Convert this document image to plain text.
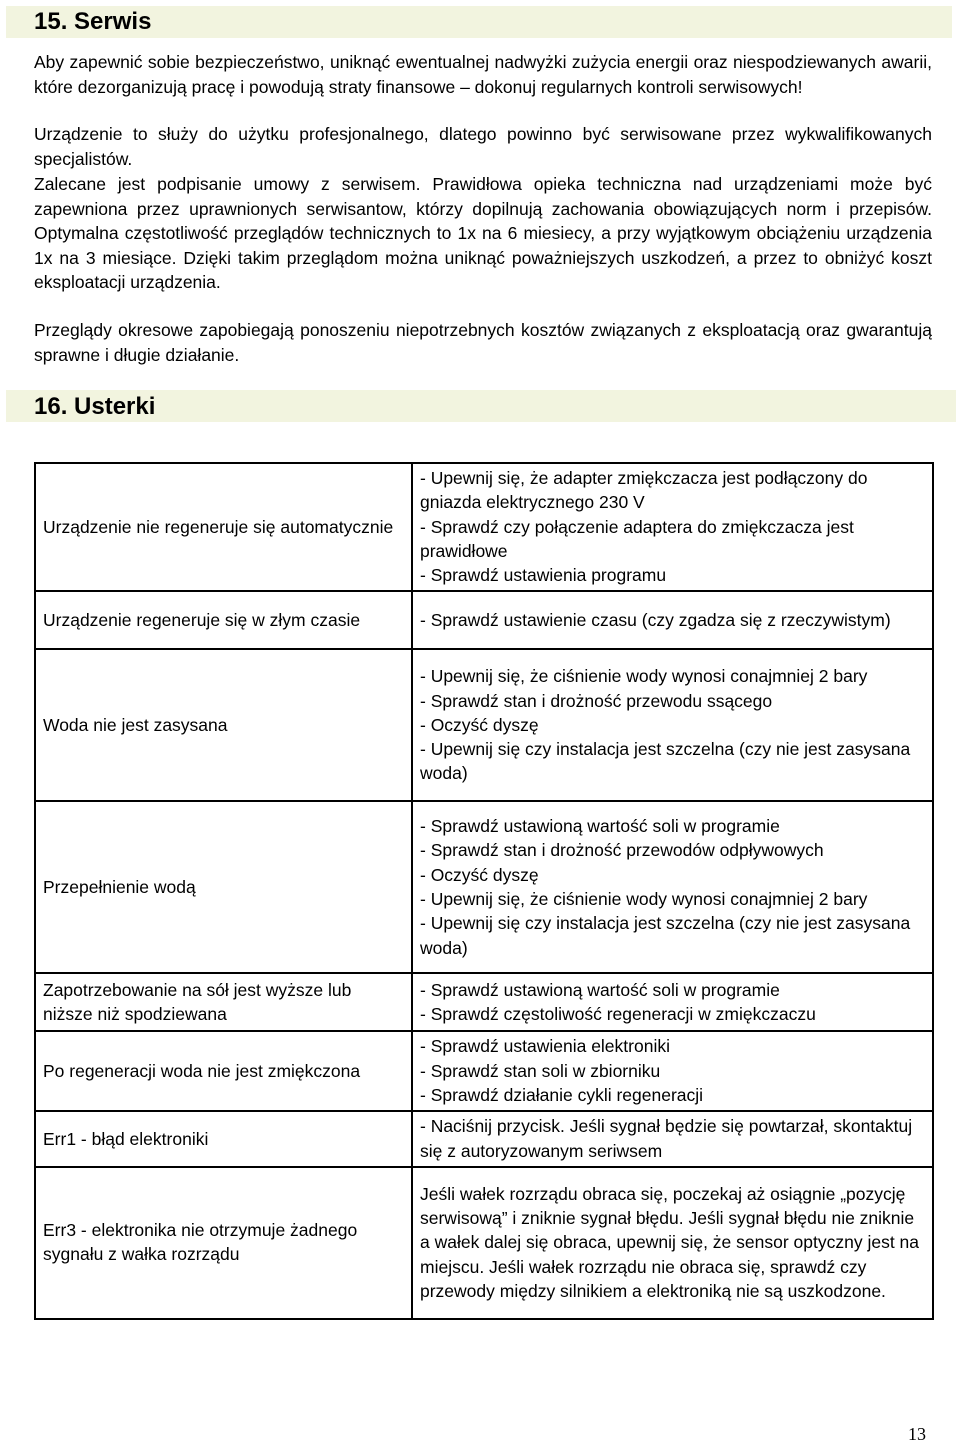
15. Serwis

Aby zapewnić sobie bezpieczeństwo, uniknąć ewentualnej nadwyżki zużycia energii oraz niespodziewanych awarii, które dezorganizują pracę i powodują straty finansowe – dokonuj regularnych kontroli serwisowych!

Urządzenie to służy do użytku profesjonalnego, dlatego powinno być serwisowane przez wykwalifikowanych specjalistów.

Zalecane jest podpisanie umowy z serwisem. Prawidłowa opieka techniczna nad urządzeniami może być zapewniona przez uprawnionych serwisantow, którzy dopilnują zachowania obowiązujących norm i przepisów. Optymalna częstotliwość przeglądów technicznych to 1x na 6 miesiecy, a przy wyjątkowym obciążeniu urządzenia 1x na 3 miesiące. Dzięki takim przeglądom można uniknąć poważniejszych uszkodzeń, a przez to obniżyć koszt eksploatacji urządzenia.

Przeglądy okresowe zapobiegają ponoszeniu niepotrzebnych kosztów związanych z eksploatacją oraz gwarantują sprawne i długie działanie.

16. Usterki
Urządzenie nie regeneruje się automatycznie	- Upewnij się, że adapter zmiękczacza jest podłączony do gniazda elektrycznego 230 V
- Sprawdź czy połączenie adaptera do zmiękczacza jest prawidłowe
- Sprawdź ustawienia programu

Urządzenie regeneruje się w złym czasie	- Sprawdź ustawienie czasu (czy zgadza się z rzeczywistym)

Woda nie jest zasysana	- Upewnij się, że ciśnienie wody wynosi conajmniej 2 bary
- Sprawdź stan i drożność przewodu ssącego
- Oczyść dyszę
- Upewnij się czy instalacja jest szczelna (czy nie jest zasysana woda)

Przepełnienie wodą	- Sprawdź ustawioną wartość soli w programie
- Sprawdź stan i drożność przewodów odpływowych
- Oczyść dyszę
- Upewnij się, że ciśnienie wody wynosi conajmniej 2 bary
- Upewnij się czy instalacja jest szczelna (czy nie jest zasysana woda)

Zapotrzebowanie na sół jest wyższe lub niższe niż spodziewana	- Sprawdź ustawioną wartość soli w programie
- Sprawdź częstoliwość regeneracji w zmiękczaczu

Po regeneracji woda nie jest zmiękczona	- Sprawdź ustawienia elektroniki
- Sprawdź stan soli w zbiorniku
- Sprawdź działanie cykli regeneracji

Err1 - błąd elektroniki	- Naciśnij przycisk. Jeśli sygnał będzie się powtarzał, skontaktuj się z autoryzowanym seriwsem

Err3 - elektronika nie otrzymuje żadnego sygnału z wałka rozrządu	Jeśli wałek rozrządu obraca się, poczekaj aż osiągnie „pozycję serwisową” i zniknie sygnał błędu. Jeśli sygnał błędu nie zniknie a wałek dalej się obraca, upewnij się, że sensor optyczny jest na miejscu. Jeśli wałek rozrządu nie obraca się, sprawdź czy przewody między silnikiem a elektroniką nie są uszkodzone.
13
